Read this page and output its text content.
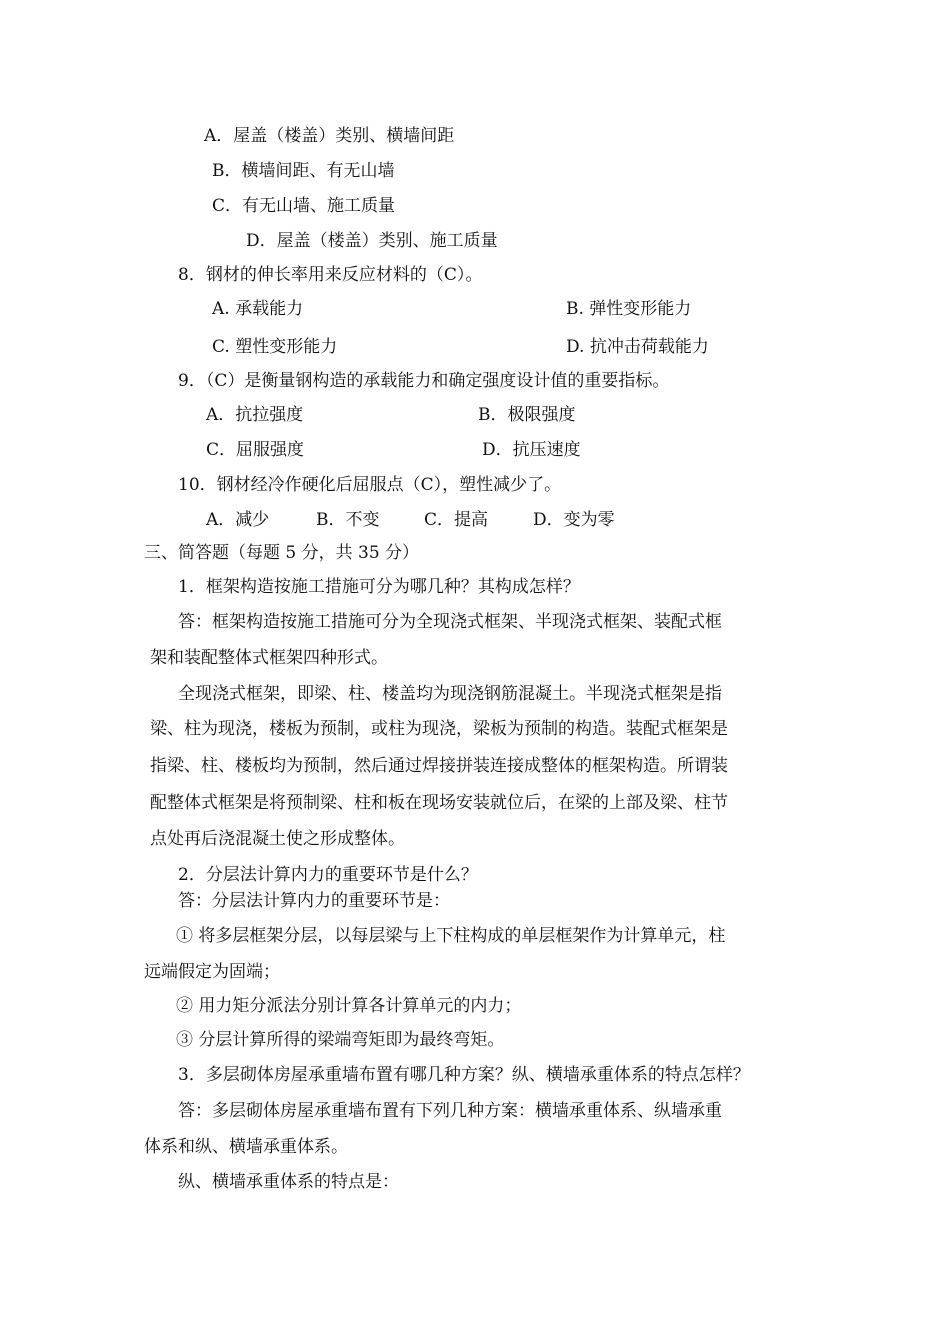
A．屋盖（楼盖）类别、横墙间距
B．横墙间距、有无山墙
C．有无山墙、施工质量
D．屋盖（楼盖）类别、施工质量
8．钢材的伸长率用来反应材料的（C）。
A. 承载能力	B. 弹性变形能力
C. 塑性变形能力	D. 抗冲击荷载能力
9．（C）是衡量钢构造的承载能力和确定强度设计值的重要指标。
A．抗拉强度	B．极限强度
C．屈服强度	D．抗压速度
10．钢材经冷作硬化后屈服点（C），塑性减少了。
A．减少	B．不变	C．提高	D．变为零
三、简答题（每题 5 分，共 35 分）
1．框架构造按施工措施可分为哪几种？其构成怎样？
答：框架构造按施工措施可分为全现浇式框架、半现浇式框架、装配式框
架和装配整体式框架四种形式。
全现浇式框架，即梁、柱、楼盖均为现浇钢筋混凝土。半现浇式框架是指
梁、柱为现浇，楼板为预制，或柱为现浇，梁板为预制的构造。装配式框架是
指梁、柱、楼板均为预制，然后通过焊接拼装连接成整体的框架构造。所谓装
配整体式框架是将预制梁、柱和板在现场安装就位后，在梁的上部及梁、柱节
点处再后浇混凝土使之形成整体。
2．分层法计算内力的重要环节是什么？
答：分层法计算内力的重要环节是：
① 将多层框架分层，以每层梁与上下柱构成的单层框架作为计算单元，柱
远端假定为固端；
② 用力矩分派法分别计算各计算单元的内力；
③ 分层计算所得的梁端弯矩即为最终弯矩。
3．多层砌体房屋承重墙布置有哪几种方案？纵、横墙承重体系的特点怎样？
答：多层砌体房屋承重墙布置有下列几种方案：横墙承重体系、纵墙承重
体系和纵、横墙承重体系。
纵、横墙承重体系的特点是：
